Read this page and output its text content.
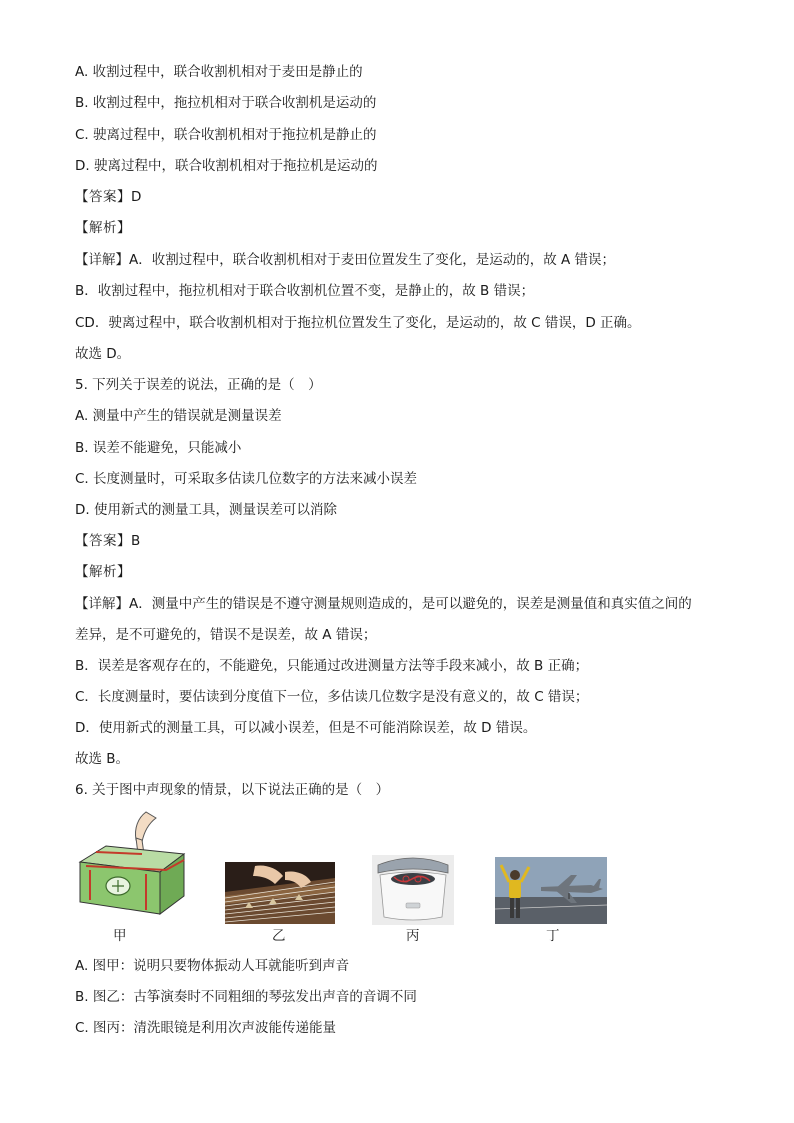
A. 收割过程中，联合收割机相对于麦田是静止的
B. 收割过程中，拖拉机相对于联合收割机是运动的
C. 驶离过程中，联合收割机相对于拖拉机是静止的
D. 驶离过程中，联合收割机相对于拖拉机是运动的
【答案】D
【解析】
【详解】A．收割过程中，联合收割机相对于麦田位置发生了变化，是运动的，故 A 错误；
B．收割过程中，拖拉机相对于联合收割机位置不变，是静止的，故 B 错误；
CD．驶离过程中，联合收割机相对于拖拉机位置发生了变化，是运动的，故 C 错误，D 正确。
故选 D。
5. 下列关于误差的说法，正确的是（　）
A. 测量中产生的错误就是测量误差
B. 误差不能避免，只能减小
C. 长度测量时，可采取多估读几位数字的方法来减小误差
D. 使用新式的测量工具，测量误差可以消除
【答案】B
【解析】
【详解】A．测量中产生的错误是不遵守测量规则造成的，是可以避免的，误差是测量值和真实值之间的
差异，是不可避免的，错误不是误差，故 A 错误；
B．误差是客观存在的，不能避免，只能通过改进测量方法等手段来减小，故 B 正确；
C．长度测量时，要估读到分度值下一位，多估读几位数字是没有意义的，故 C 错误；
D．使用新式的测量工具，可以减小误差，但是不可能消除误差，故 D 错误。
故选 B。
6. 关于图中声现象的情景，以下说法正确的是（　）
甲	乙	丙	丁
A. 图甲：说明只要物体振动人耳就能听到声音
B. 图乙：古筝演奏时不同粗细的琴弦发出声音的音调不同
C. 图丙：清洗眼镜是利用次声波能传递能量
